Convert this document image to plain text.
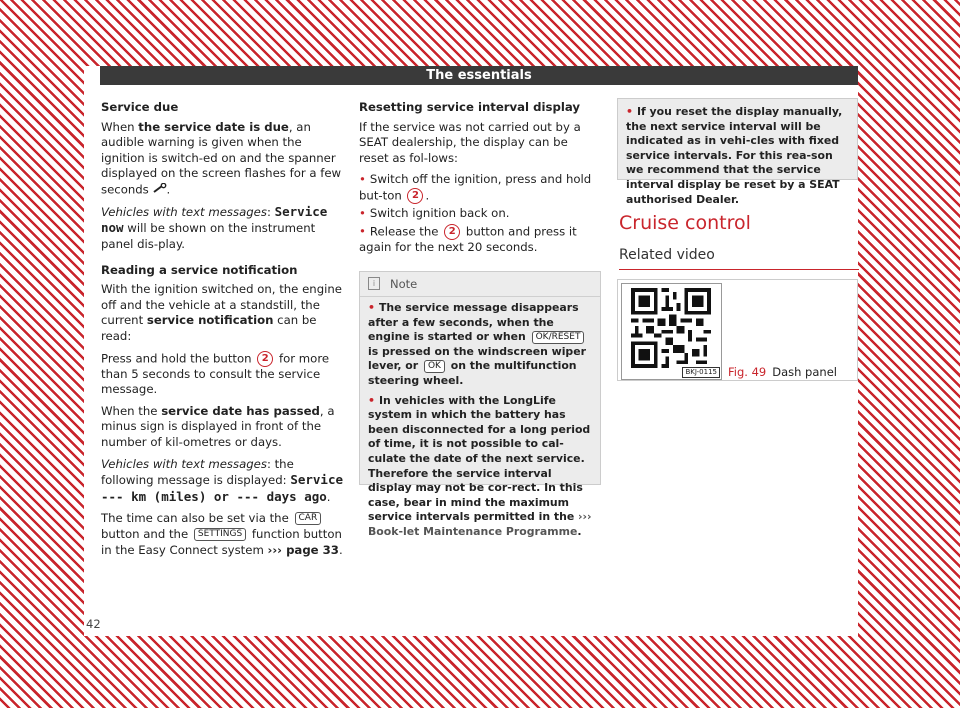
The essentials

Service due

When the service date is due, an audible warning is given when the ignition is switch-ed on and the spanner displayed on the screen flashes for a few seconds .

Vehicles with text messages: Service now will be shown on the instrument panel dis-play.

Reading a service notification

With the ignition switched on, the engine off and the vehicle at a standstill, the current service notification can be read:

Press and hold the button 2 for more than 5 seconds to consult the service message.

When the service date has passed, a minus sign is displayed in front of the number of kil-ometres or days.

Vehicles with text messages: the following message is displayed: Service --- km (miles) or --- days ago.

The time can also be set via the CAR button and the SETTINGS function button in the Easy Connect system ››› page 33.

Resetting service interval display

If the service was not carried out by a SEAT dealership, the display can be reset as fol-lows:

• Switch off the ignition, press and hold but-ton 2 .

• Switch ignition back on.

• Release the 2 button and press it again for the next 20 seconds.

i Note

• The service message disappears after a few seconds, when the engine is started or when OK/RESET is pressed on the windscreen wiper lever, or OK on the multifunction steering wheel.

• In vehicles with the LongLife system in which the battery has been disconnected for a long period of time, it is not possible to cal-culate the date of the next service. Therefore the service interval display may not be cor-rect. In this case, bear in mind the maximum service intervals permitted in the ››› Book-let Maintenance Programme.

• If you reset the display manually, the next service interval will be indicated as in vehi-cles with fixed service intervals. For this rea-son we recommend that the service interval display be reset by a SEAT authorised Dealer.
Cruise control
Related video
BKJ-0115 Fig. 49 Dash panel
42
